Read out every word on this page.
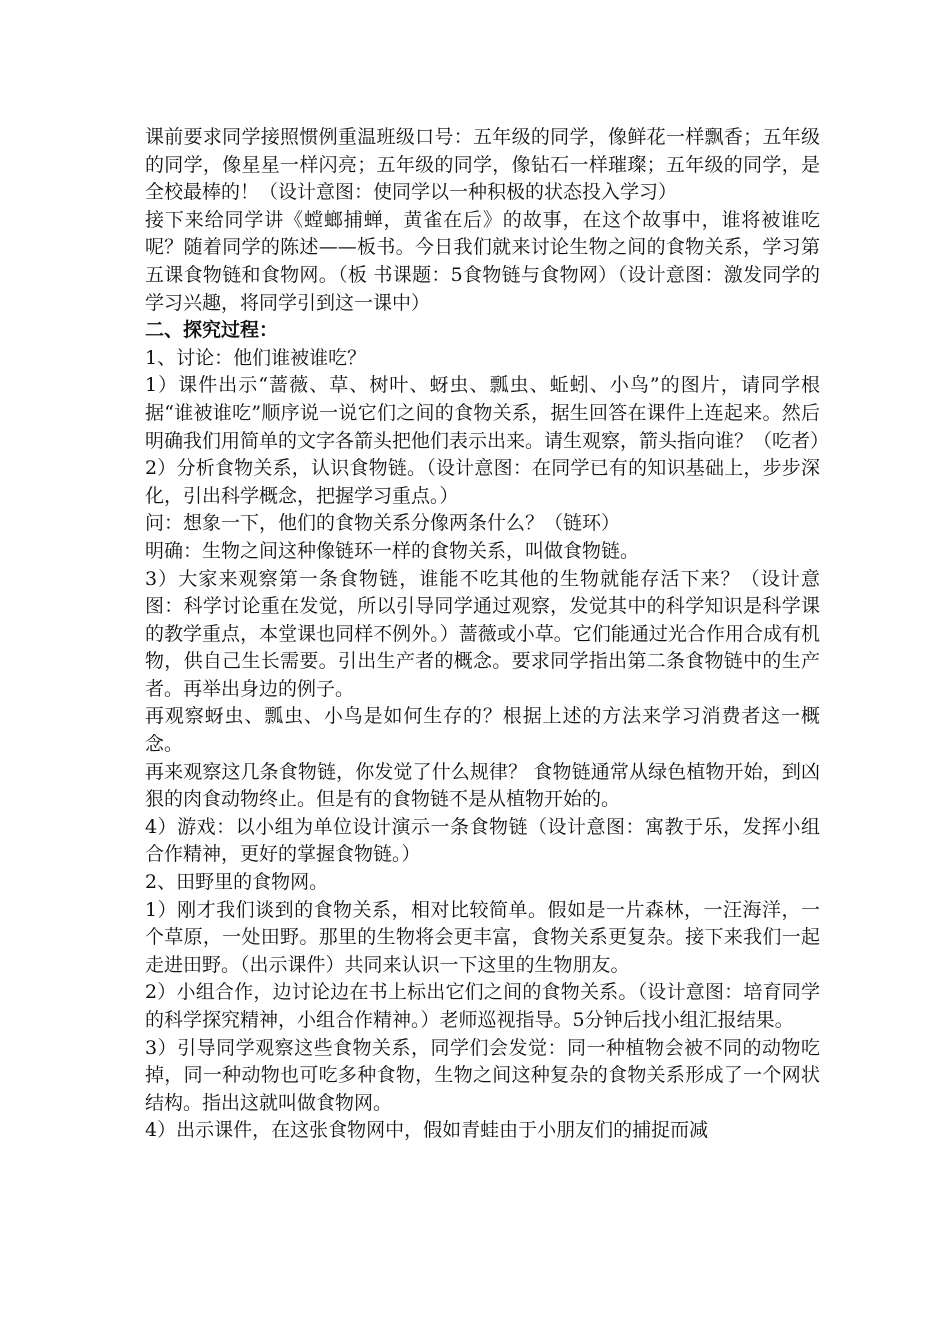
课前要求同学接照惯例重温班级口号：五年级的同学，像鲜花一样飘香；五年级的同学，像星星一样闪亮；五年级的同学，像钻石一样璀璨；五年级的同学，是全校最棒的！（设计意图：使同学以一种积极的状态投入学习）

接下来给同学讲《螳螂捕蝉，黄雀在后》的故事，在这个故事中，谁将被谁吃呢？随着同学的陈述——板书。今日我们就来讨论生物之间的食物关系，学习第五课食物链和食物网。（板 书课题：5食物链与食物网）（设计意图：激发同学的学习兴趣，将同学引到这一课中）

二、探究过程：

1、讨论：他们谁被谁吃？

1）课件出示“蔷薇、草、树叶、蚜虫、瓢虫、蚯蚓、小鸟”的图片，请同学根据“谁被谁吃”顺序说一说它们之间的食物关系，据生回答在课件上连起来。然后明确我们用简单的文字各箭头把他们表示出来。请生观察，箭头指向谁？（吃者）

2）分析食物关系，认识食物链。（设计意图：在同学已有的知识基础上，步步深化，引出科学概念，把握学习重点。）

问：想象一下，他们的食物关系分像两条什么？（链环）

明确：生物之间这种像链环一样的食物关系，叫做食物链。

3）大家来观察第一条食物链，谁能不吃其他的生物就能存活下来？（设计意图：科学讨论重在发觉，所以引导同学通过观察，发觉其中的科学知识是科学课的教学重点，本堂课也同样不例外。）蔷薇或小草。它们能通过光合作用合成有机物，供自己生长需要。引出生产者的概念。要求同学指出第二条食物链中的生产者。再举出身边的例子。

再观察蚜虫、瓢虫、小鸟是如何生存的？根据上述的方法来学习消费者这一概念。

再来观察这几条食物链，你发觉了什么规律？ 食物链通常从绿色植物开始，到凶狠的肉食动物终止。但是有的食物链不是从植物开始的。

4）游戏：以小组为单位设计演示一条食物链（设计意图：寓教于乐，发挥小组合作精神，更好的掌握食物链。）

2、田野里的食物网。

1）刚才我们谈到的食物关系，相对比较简单。假如是一片森林，一汪海洋，一个草原，一处田野。那里的生物将会更丰富，食物关系更复杂。接下来我们一起走进田野。（出示课件）共同来认识一下这里的生物朋友。

2）小组合作，边讨论边在书上标出它们之间的食物关系。（设计意图：培育同学的科学探究精神，小组合作精神。）老师巡视指导。5分钟后找小组汇报结果。

3）引导同学观察这些食物关系，同学们会发觉：同一种植物会被不同的动物吃掉，同一种动物也可吃多种食物，生物之间这种复杂的食物关系形成了一个网状结构。指出这就叫做食物网。

4）出示课件，在这张食物网中，假如青蛙由于小朋友们的捕捉而减
